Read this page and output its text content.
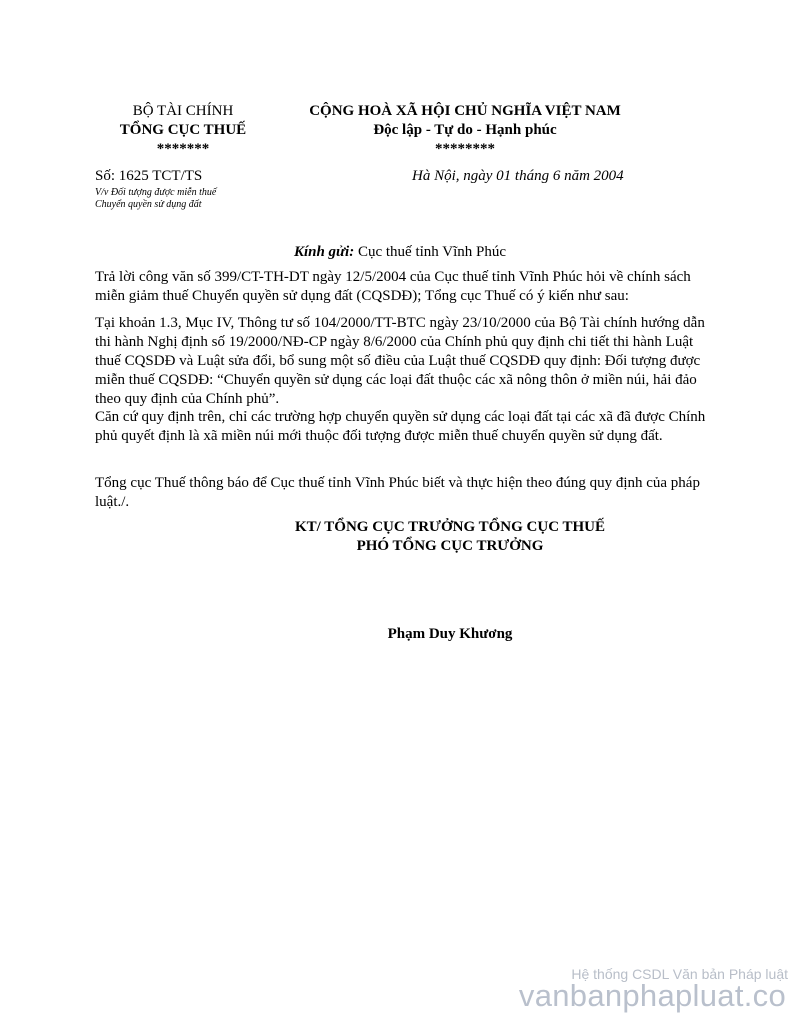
BỘ TÀI CHÍNH
TỔNG CỤC THUẾ
*******
CỘNG HOÀ XÃ HỘI CHỦ NGHĨA VIỆT NAM
Độc lập - Tự do - Hạnh phúc
********
Số: 1625 TCT/TS
V/v Đối tượng được miễn thuế
Chuyển quyền sử dụng đất
Hà Nội, ngày 01 tháng 6 năm 2004
Kính gửi: Cục thuế tỉnh Vĩnh Phúc
Trả lời công văn số 399/CT-TH-DT ngày 12/5/2004 của Cục thuế tỉnh Vĩnh Phúc hỏi về chính sách miễn giảm thuế Chuyển quyền sử dụng đất (CQSDĐ); Tổng cục Thuế có ý kiến như sau:
Tại khoản 1.3, Mục IV, Thông tư số 104/2000/TT-BTC ngày 23/10/2000 của Bộ Tài chính hướng dẫn thi hành Nghị định số 19/2000/NĐ-CP ngày 8/6/2000 của Chính phủ quy định chi tiết thi hành Luật thuế CQSDĐ và Luật sửa đổi, bổ sung một số điều của Luật thuế CQSDĐ quy định: Đối tượng được miễn thuế CQSDĐ: “Chuyển quyền sử dụng các loại đất thuộc các xã nông thôn ở miền núi, hải đảo theo quy định của Chính phủ”.
Căn cứ quy định trên, chỉ các trường hợp chuyển quyền sử dụng các loại đất tại các xã đã được Chính phủ quyết định là xã miền núi mới thuộc đối tượng được miễn thuế chuyển quyền sử dụng đất.
Tổng cục Thuế thông báo để Cục thuế tỉnh Vĩnh Phúc biết và thực hiện theo đúng quy định của pháp luật./.
KT/ TỔNG CỤC TRƯỞNG TỔNG CỤC THUẾ
PHÓ TỔNG CỤC TRƯỞNG
Phạm Duy Khương
Hệ thống CSDL Văn bản Pháp luật
vanbanphapluat.co
